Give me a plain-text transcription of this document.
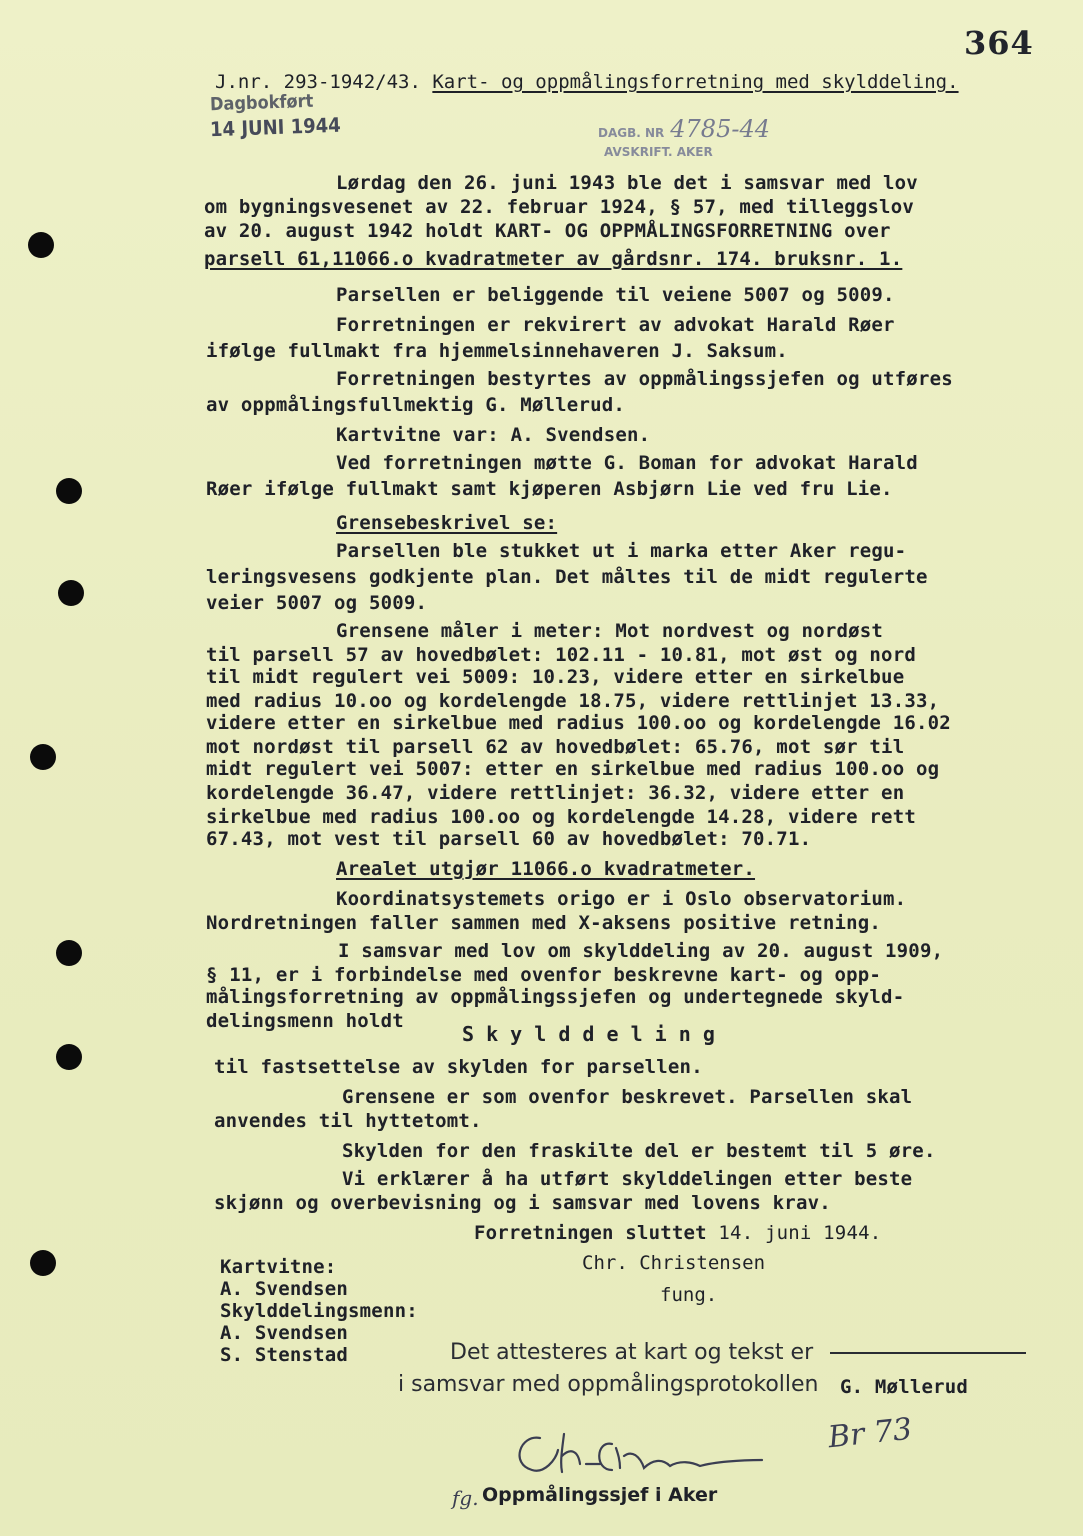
364
J.nr. 293-1942/43. Kart- og oppmålingsforretning med skylddeling.
Dagbokført
14 JUNI 1944	DAGB. NR 4785-44
AVSKRIFT. AKER
Lørdag den 26. juni 1943 ble det i samsvar med lov
om bygningsvesenet av 22. februar 1924, § 57, med tilleggslov
av 20. august 1942 holdt KART- OG OPPMÅLINGSFORRETNING over
parsell 61,11066.o kvadratmeter av gårdsnr. 174. bruksnr. 1.
Parsellen er beliggende til veiene 5007 og 5009.
Forretningen er rekvirert av advokat Harald Røer
ifølge fullmakt fra hjemmelsinnehaveren J. Saksum.
Forretningen bestyrtes av oppmålingssjefen og utføres
av oppmålingsfullmektig G. Møllerud.
Kartvitne var: A. Svendsen.
Ved forretningen møtte G. Boman for advokat Harald
Røer ifølge fullmakt samt kjøperen Asbjørn Lie ved fru Lie.
Grensebeskrivel se:
Parsellen ble stukket ut i marka etter Aker regu-
leringsvesens godkjente plan. Det måltes til de midt regulerte
veier 5007 og 5009.
Grensene måler i meter: Mot nordvest og nordøst
til parsell 57 av hovedbølet: 102.11 - 10.81, mot øst og nord
til midt regulert vei 5009: 10.23, videre etter en sirkelbue
med radius 10.oo og kordelengde 18.75, videre rettlinjet 13.33,
videre etter en sirkelbue med radius 100.oo og kordelengde 16.02
mot nordøst til parsell 62 av hovedbølet: 65.76, mot sør til
midt regulert vei 5007: etter en sirkelbue med radius 100.oo og
kordelengde 36.47, videre rettlinjet: 36.32, videre etter en
sirkelbue med radius 100.oo og kordelengde 14.28, videre rett
67.43, mot vest til parsell 60 av hovedbølet: 70.71.
Arealet utgjør 11066.o kvadratmeter.
Koordinatsystemets origo er i Oslo observatorium.
Nordretningen faller sammen med X-aksens positive retning.
I samsvar med lov om skylddeling av 20. august 1909,
§ 11, er i forbindelse med ovenfor beskrevne kart- og opp-
målingsforretning av oppmålingssjefen og undertegnede skyld-
delingsmenn holdt
S k y l d d e l i n g
til fastsettelse av skylden for parsellen.
Grensene er som ovenfor beskrevet. Parsellen skal
anvendes til hyttetomt.
Skylden for den fraskilte del er bestemt til 5 øre.
Vi erklærer å ha utført skylddelingen etter beste
skjønn og overbevisning og i samsvar med lovens krav.
Forretningen sluttet 14. juni 1944.
Chr. Christensen
fung.
Kartvitne:
A. Svendsen
Skylddelingsmenn:
A. Svendsen
S. Stenstad	Det attesteres at kart og tekst er
i samsvar med oppmålingsprotokollen G. Møllerud
Br 73
fg. Oppmålingssjef i Aker
